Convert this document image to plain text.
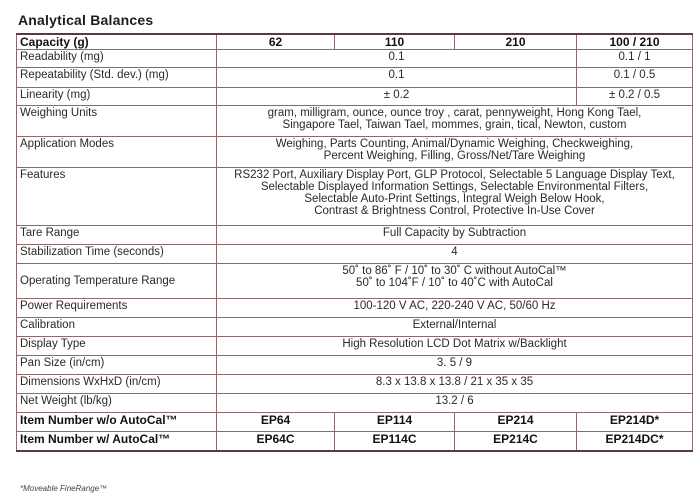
Analytical Balances
Capacity (g)	62	110	210	100 / 210
Readability (mg)	0.1			0.1 / 1
Repeatability (Std. dev.) (mg)	0.1			0.1 / 0.5
Linearity (mg)	± 0.2			± 0.2 / 0.5
Weighing Units	gram, milligram, ounce, ounce troy , carat, pennyweight, Hong Kong Tael,
Singapore Tael, Taiwan Tael, mommes, grain, tical, Newton, custom			

Application Modes	Weighing, Parts Counting, Animal/Dynamic Weighing, Checkweighing,
Percent Weighing, Filling, Gross/Net/Tare Weighing			

Features	RS232 Port, Auxiliary Display Port, GLP Protocol, Selectable 5 Language Display Text,
Selectable Displayed Information Settings, Selectable Environmental Filters,
Selectable Auto-Print Settings, Integral Weigh Below Hook,
Contrast & Brightness Control, Protective In-Use Cover			

Tare Range	Full Capacity by Subtraction			
Stabilization Time (seconds)	4			
Operating Temperature Range	50˚ to 86˚ F / 10˚ to 30˚ C without AutoCal™
50˚ to 104˚F / 10˚ to 40˚C with AutoCal			

Power Requirements	100-120 V AC, 220-240 V AC, 50/60 Hz			
Calibration	External/Internal			
Display Type	High Resolution LCD Dot Matrix w/Backlight			
Pan Size (in/cm)	3. 5 / 9			
Dimensions WxHxD (in/cm)	8.3 x 13.8 x 13.8 / 21 x 35 x 35			
Net Weight (lb/kg)	13.2 / 6			
Item Number w/o AutoCal™	EP64	EP114	EP214	EP214D*
Item Number w/ AutoCal™	EP64C	EP114C	EP214C	EP214DC*
*Moveable FineRange™
